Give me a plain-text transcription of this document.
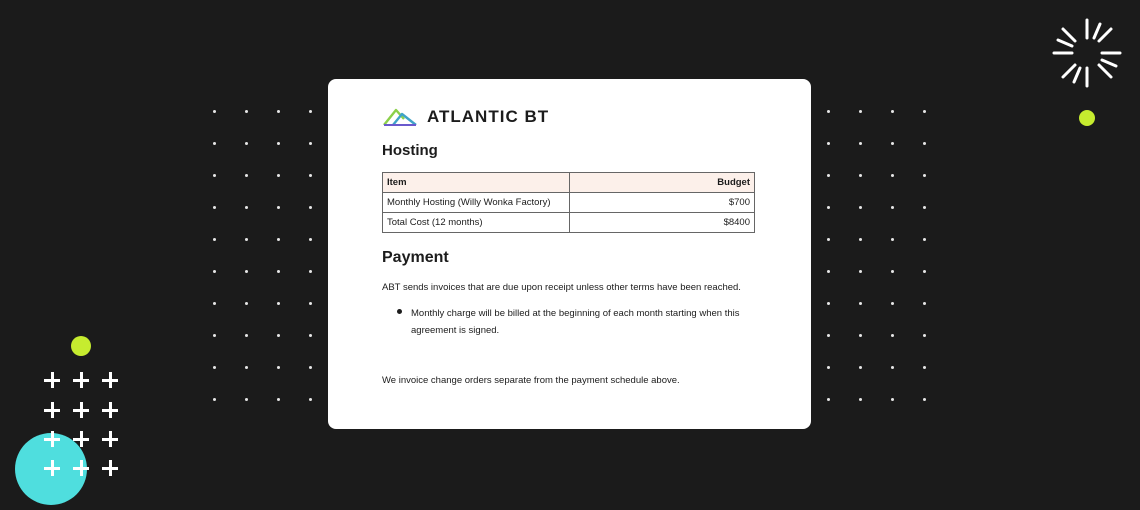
ATLANTIC BT
Hosting
Item	Budget
Monthly Hosting (Willy Wonka Factory)	$700
Total Cost (12 months)	$8400
Payment
ABT sends invoices that are due upon receipt unless other terms have been reached.
Monthly charge will be billed at the beginning of each month starting when this agreement is signed.
We invoice change orders separate from the payment schedule above.
